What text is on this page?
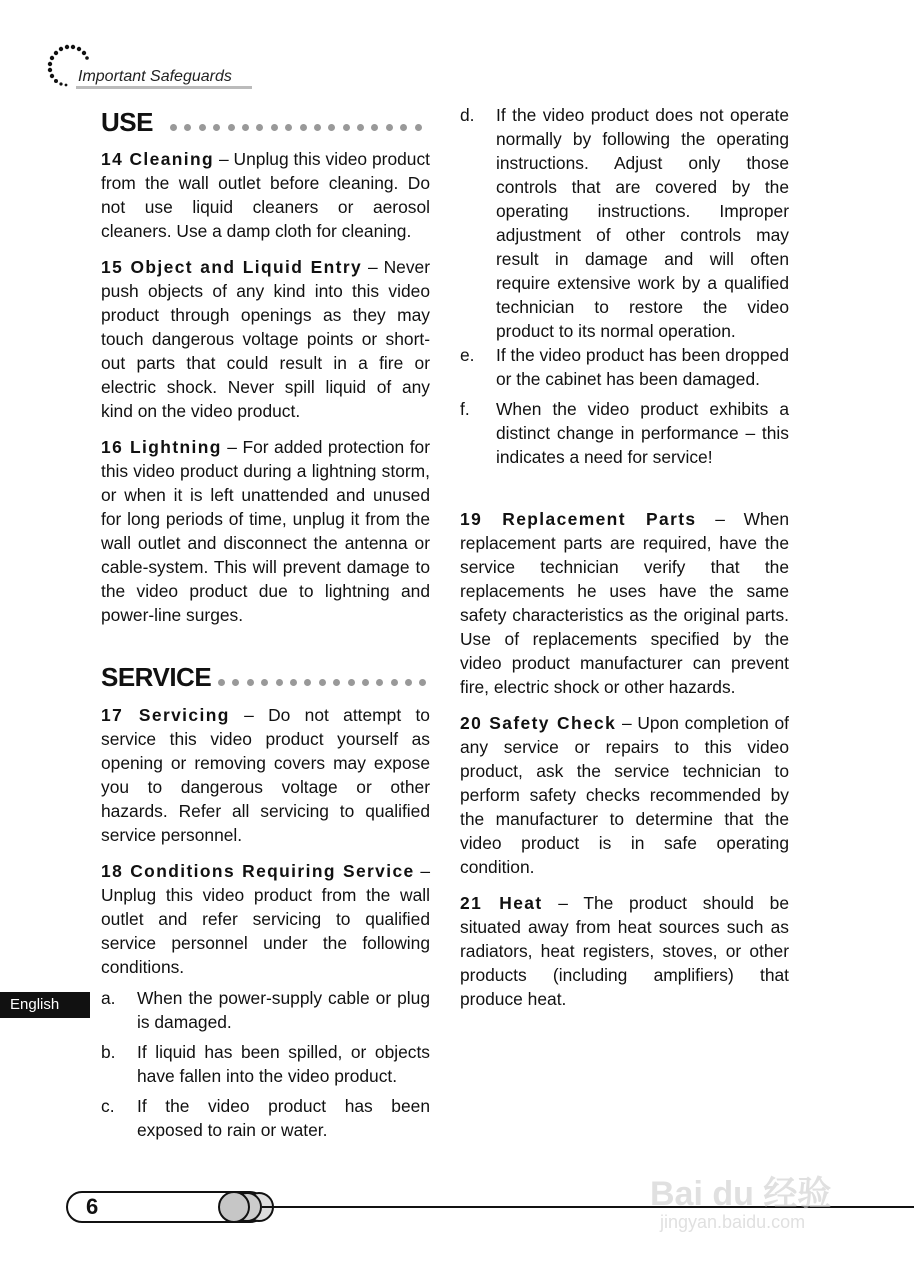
Important Safeguards
USE

14 Cleaning – Unplug this video product from the wall outlet before cleaning. Do not use liquid cleaners or aerosol cleaners. Use a damp cloth for cleaning.

15 Object and Liquid Entry – Never push objects of any kind into this video product through openings as they may touch dangerous voltage points or short-out parts that could result in a fire or electric shock. Never spill liquid of any kind on the video product.

16 Lightning – For added protection for this video product during a lightning storm, or when it is left unattended and unused for long periods of time, unplug it from the wall outlet and disconnect the antenna or cable-system. This will prevent damage to the video product due to lightning and power-line surges.

SERVICE

17 Servicing – Do not attempt to service this video product yourself as opening or removing covers may expose you to dangerous voltage or other hazards. Refer all servicing to qualified service personnel.

18 Conditions Requiring Service – Unplug this video product from the wall outlet and refer servicing to qualified service personnel under the following conditions.

a. When the power-supply cable or plug is damaged.
b. If liquid has been spilled, or objects have fallen into the video product.
c. If the video product has been exposed to rain or water.
d. If the video product does not operate normally by following the operating instructions. Adjust only those controls that are covered by the operating instructions. Improper adjustment of other controls may result in damage and will often require extensive work by a qualified technician to restore the video product to its normal operation.
e. If the video product has been dropped or the cabinet has been damaged.
f. When the video product exhibits a distinct change in performance – this indicates a need for service!

19 Replacement Parts – When replacement parts are required, have the service technician verify that the replacements he uses have the same safety characteristics as the original parts. Use of replacements specified by the video product manufacturer can prevent fire, electric shock or other hazards.

20 Safety Check – Upon completion of any service or repairs to this video product, ask the service technician to perform safety checks recommended by the manufacturer to determine that the video product is in safe operating condition.

21 Heat – The product should be situated away from heat sources such as radiators, heat registers, stoves, or other products (including amplifiers) that produce heat.

English
6	Bai du 经验
jingyan.baidu.com
